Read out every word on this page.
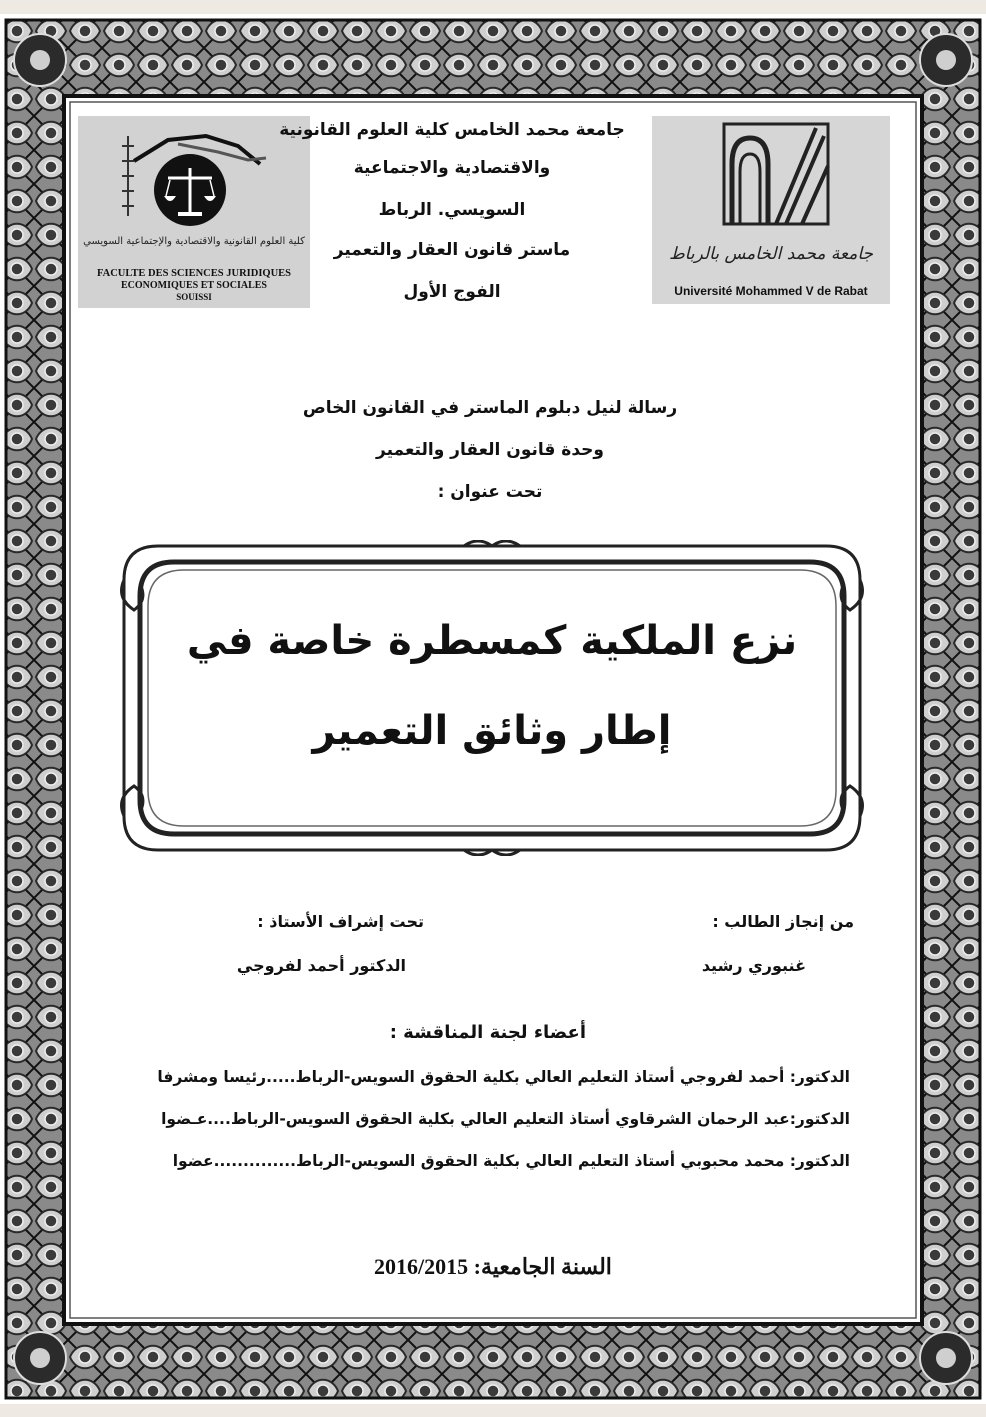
كلية العلوم القانونية والاقتصادية والإجتماعية السويسي
FACULTE DES SCIENCES JURIDIQUES
ECONOMIQUES ET SOCIALES
SOUISSI
جامعة محمد الخامس بالرباط
Université Mohammed V de Rabat
جامعة محمد الخامس كلية العلوم القانونية
والاقتصادية والاجتماعية
السويسي. الرباط
ماستر قانون العقار والتعمير
الفوج الأول
رسالة لنيل دبلوم الماستر في القانون الخاص
وحدة قانون العقار والتعمير
تحت عنوان :
نزع الملكية كمسطرة خاصة في
إطار وثائق التعمير
من إنجاز الطالب :
غنبوري رشيد
تحت إشراف الأستاذ :
الدكتور أحمد لفروجي
أعضاء لجنة المناقشة :
الدكتور: أحمد لفروجي أستاذ التعليم العالي بكلية الحقوق السويس-الرباط.....رئيسا ومشرفا
الدكتور:عبد الرحمان الشرقاوي أستاذ التعليم العالي بكلية الحقوق السويس-الرباط....عـضوا
الدكتور: محمد محبوبي أستاذ التعليم العالي بكلية الحقوق السويس-الرباط..............عضوا
السنة الجامعية: 2016/2015
